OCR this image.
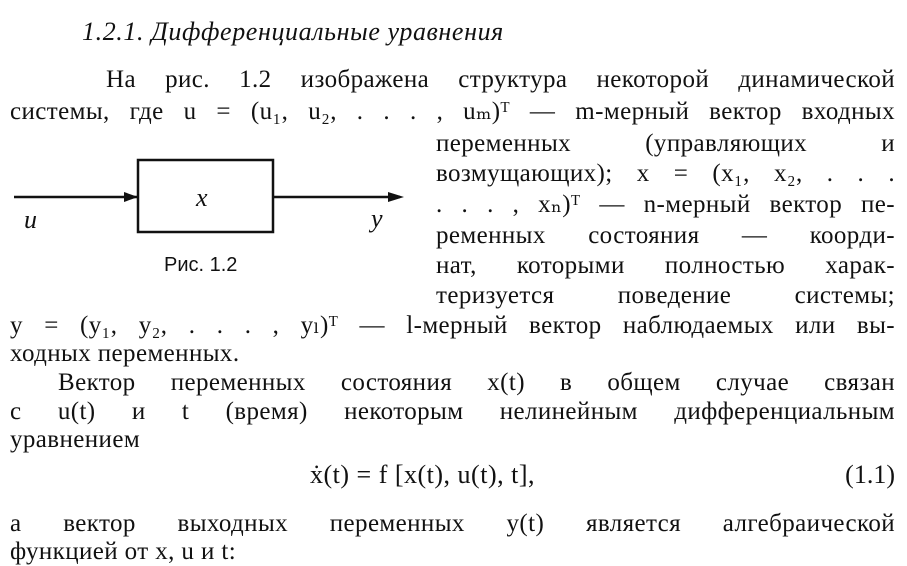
1.2.1. Дифференциальные уравнения
На рис. 1.2 изображена структура некоторой динамической
системы, где u = (u₁, u₂, . . . , uₘ)ᵀ — m-мерный вектор входных
переменных (управляющих и
возмущающих); x = (x₁, x₂, . . .
. . . , xₙ)ᵀ — n-мерный вектор пе-
ременных состояния — коорди-
нат, которыми полностью харак-
теризуется поведение системы;
y = (y₁, y₂, . . . , yₗ)ᵀ — l-мерный вектор наблюдаемых или вы-
ходных переменных.
u
x
y
Рис. 1.2
Вектор переменных состояния x(t) в общем случае связан
с u(t) и t (время) некоторым нелинейным дифференциальным
уравнением
ẋ(t) = f [x(t), u(t), t],	(1.1)
а вектор выходных переменных y(t) является алгебраической
функцией от x, u и t:
